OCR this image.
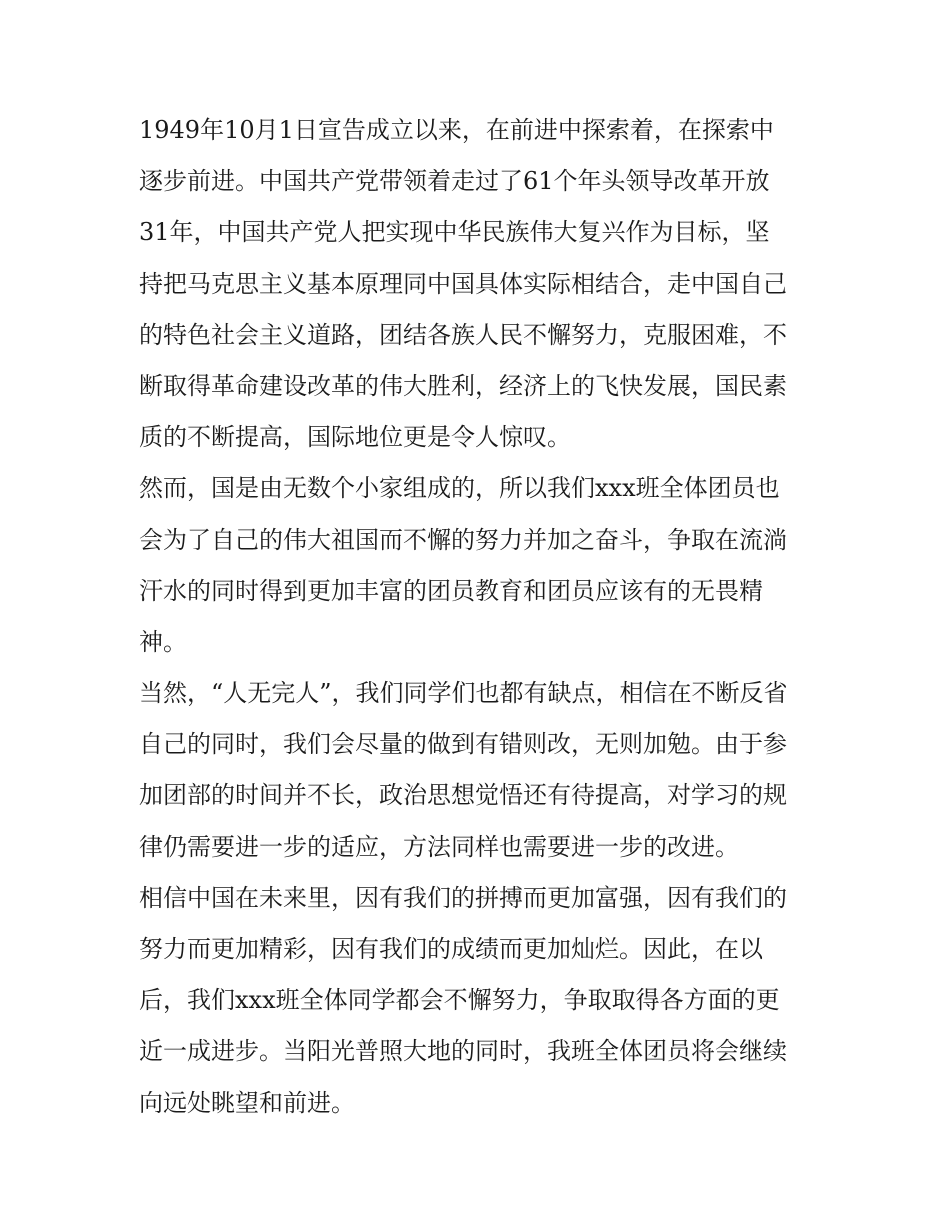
1949年10月1日宣告成立以来，在前进中探索着，在探索中
逐步前进。中国共产党带领着走过了61个年头领导改革开放
31年，中国共产党人把实现中华民族伟大复兴作为目标，坚
持把马克思主义基本原理同中国具体实际相结合，走中国自己
的特色社会主义道路，团结各族人民不懈努力，克服困难，不
断取得革命建设改革的伟大胜利，经济上的飞快发展，国民素
质的不断提高，国际地位更是令人惊叹。

然而，国是由无数个小家组成的，所以我们xxx班全体团员也
会为了自己的伟大祖国而不懈的努力并加之奋斗，争取在流淌
汗水的同时得到更加丰富的团员教育和团员应该有的无畏精
神。

当然，“人无完人”，我们同学们也都有缺点，相信在不断反省
自己的同时，我们会尽量的做到有错则改，无则加勉。由于参
加团部的时间并不长，政治思想觉悟还有待提高，对学习的规
律仍需要进一步的适应，方法同样也需要进一步的改进。

相信中国在未来里，因有我们的拼搏而更加富强，因有我们的
努力而更加精彩，因有我们的成绩而更加灿烂。因此，在以
后，我们xxx班全体同学都会不懈努力，争取取得各方面的更
近一成进步。当阳光普照大地的同时，我班全体团员将会继续
向远处眺望和前进。
